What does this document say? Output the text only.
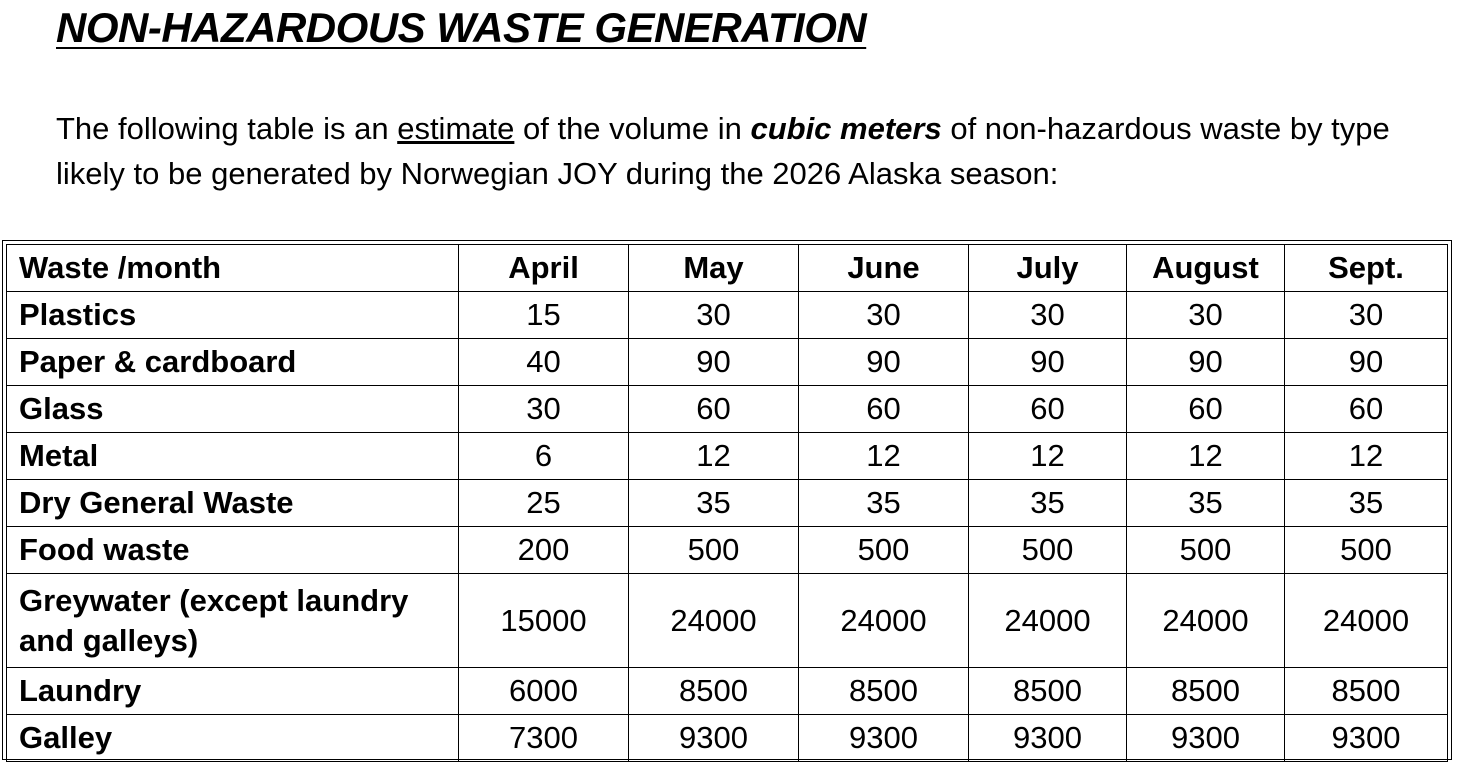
NON-HAZARDOUS WASTE GENERATION

The following table is an estimate of the volume in cubic meters of non-hazardous waste by type likely to be generated by Norwegian JOY during the 2026 Alaska season:

Waste /month	April	May	June	July	August	Sept.
Plastics	15	30	30	30	30	30
Paper & cardboard	40	90	90	90	90	90
Glass	30	60	60	60	60	60
Metal	6	12	12	12	12	12
Dry General Waste	25	35	35	35	35	35
Food waste	200	500	500	500	500	500
Greywater (except laundry and galleys)	15000	24000	24000	24000	24000	24000
Laundry	6000	8500	8500	8500	8500	8500
Galley	7300	9300	9300	9300	9300	9300
